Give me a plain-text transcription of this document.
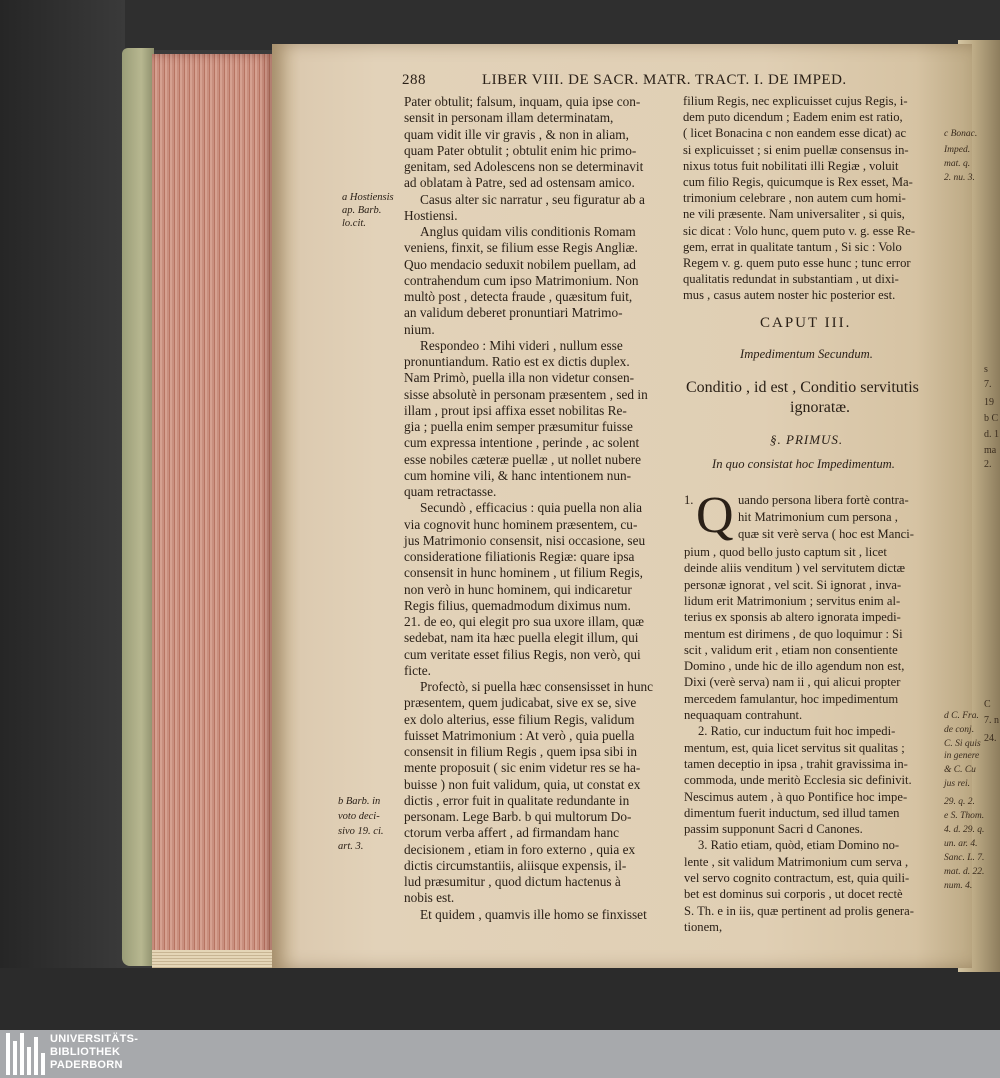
288	LIBER VIII. DE SACR. MATR. TRACT. I. DE IMPED.
Pater obtulit; falsum, inquam, quia ipse con-
sensit in personam illam determinatam,
quam vidit ille vir gravis , & non in aliam,
quam Pater obtulit ; obtulit enim hic primo-
genitam, sed Adolescens non se determinavit
ad oblatam à Patre, sed ad ostensam amico.
Casus alter sic narratur , seu figuratur ab a
Hostiensi.
Anglus quidam vilis conditionis Romam
veniens, finxit, se filium esse Regis Angliæ.
Quo mendacio seduxit nobilem puellam, ad
contrahendum cum ipso Matrimonium. Non
multò post , detecta fraude , quæsitum fuit,
an validum deberet pronuntiari Matrimo-
nium.
Respondeo : Mihi videri , nullum esse
pronuntiandum. Ratio est ex dictis duplex.
Nam Primò, puella illa non videtur consen-
sisse absolutè in personam præsentem , sed in
illam , prout ipsi affixa esset nobilitas Re-
gia ; puella enim semper præsumitur fuisse
cum expressa intentione , perinde , ac solent
esse nobiles cæteræ puellæ , ut nollet nubere
cum homine vili, & hanc intentionem nun-
quam retractasse.
Secundò , efficacius : quia puella non alia
via cognovit hunc hominem præsentem, cu-
jus Matrimonio consensit, nisi occasione, seu
consideratione filiationis Regiæ: quare ipsa
consensit in hunc hominem , ut filium Regis,
non verò in hunc hominem, qui indicaretur
Regis filius, quemadmodum diximus num.
21. de eo, qui elegit pro sua uxore illam, quæ
sedebat, nam ita hæc puella elegit illum, qui
cum veritate esset filius Regis, non verò, qui
ficte.
Profectò, si puella hæc consensisset in hunc
præsentem, quem judicabat, sive ex se, sive
ex dolo alterius, esse filium Regis, validum
fuisset Matrimonium : At verò , quia puella
consensit in filium Regis , quem ipsa sibi in
mente proposuit ( sic enim videtur res se ha-
buisse ) non fuit validum, quia, ut constat ex
dictis , error fuit in qualitate redundante in
personam. Lege Barb. b qui multorum Do-
ctorum verba affert , ad firmandam hanc
decisionem , etiam in foro externo , quia ex
dictis circumstantiis, aliisque expensis, il-
lud præsumitur , quod dictum hactenus à
nobis est.
Et quidem , quamvis ille homo se finxisset
a Hostiensis
ap. Barb.
lo.cit.
b Barb. in
voto deci-
sivo 19. ci.
art. 3.
filium Regis, nec explicuisset cujus Regis, i-
dem puto dicendum ; Eadem enim est ratio,
( licet Bonacina c non eandem esse dicat) ac
si explicuisset ; si enim puellæ consensus in-
nixus totus fuit nobilitati illi Regiæ , voluit
cum filio Regis, quicumque is Rex esset, Ma-
trimonium celebrare , non autem cum homi-
ne vili præsente. Nam universaliter , si quis,
sic dicat : Volo hunc, quem puto v. g. esse Re-
gem, errat in qualitate tantum , Si sic : Volo
Regem v. g. quem puto esse hunc ; tunc error
qualitatis redundat in substantiam , ut dixi-
mus , casus autem noster hic posterior est.
CAPUT III.
Impedimentum Secundum.
Conditio , id est , Conditio servitutis
ignoratæ.
§. PRIMUS.
In quo consistat hoc Impedimentum.
Q
1.	uando persona libera fortè contra-
hit Matrimonium cum persona ,
quæ sit verè serva ( hoc est Manci-
pium , quod bello justo captum sit , licet
deinde aliis venditum ) vel servitutem dictæ
personæ ignorat , vel scit. Si ignorat , inva-
lidum erit Matrimonium ; servitus enim al-
terius ex sponsis ab altero ignorata impedi-
mentum est dirimens , de quo loquimur : Si
scit , validum erit , etiam non consentiente
Domino , unde hic de illo agendum non est,
Dixi (verè serva) nam ii , qui alicui propter
mercedem famulantur, hoc impedimentum
nequaquam contrahunt.
2. Ratio, cur inductum fuit hoc impedi-
mentum, est, quia licet servitus sit qualitas ;
tamen deceptio in ipsa , trahit gravissima in-
commoda, unde meritò Ecclesia sic definivit.
Nescimus autem , à quo Pontifice hoc impe-
dimentum fuerit inductum, sed illud tamen
passim supponunt Sacri d Canones.
3. Ratio etiam, quòd, etiam Domino no-
lente , sit validum Matrimonium cum serva ,
vel servo cognito contractum, est, quia quili-
bet est dominus sui corporis , ut docet rectè
S. Th. e in iis, quæ pertinent ad prolis genera-
tionem,
c Bonac.
Imped.
mat. q.
2. nu. 3.
d C. Fra.
de conj.
C. Si quis
in genere
& C. Cu
jus rei.
29. q. 2.
e S. Thom.
4. d. 29. q.
un. ar. 4.
Sanc. L. 7.
mat. d. 22.
num. 4.
s
7.
19
b C
d. 1
ma
2.
C
7. n
24.
UNIVERSITÄTS-
BIBLIOTHEK
PADERBORN
